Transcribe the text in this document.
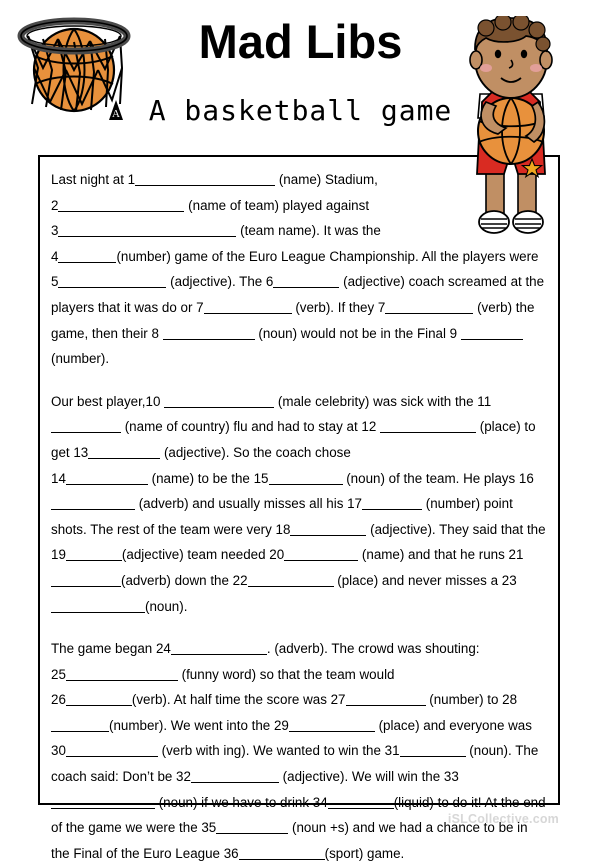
A
Mad Libs
A basketball game
Last night at 1	(name) Stadium,
2	(name of team) played against
3	(team name). It was the
4	(number) game of the Euro League Championship. All the players were 5	(adjective). The 6	(adjective) coach screamed at the players that it was do or 7	(verb). If they 7	(verb) the game, then their 8	(noun) would not be in the Final 9  (number).
Our best player,10	(male celebrity) was sick with the 11 (name of country) flu and had to stay at 12	(place) to get 13	(adjective). So the coach chose
14	(name) to be the 15	(noun) of the team. He plays 16 (adverb) and usually misses all his 17	(number) point shots. The rest of the team were very 18	(adjective). They said that the 19	(adjective) team needed 20	(name) and that he runs 21(adverb) down the 22	(place) and never misses a 23(noun).
The game began 24	. (adverb). The crowd was shouting:
25	(funny word) so that the team would
26	(verb). At half time the score was 27	(number) to 28(number). We went into the 29	(place) and everyone was 30	(verb with ing). We wanted to win the 31	(noun). The coach said: Don’t be 32	(adjective). We will win the 33 (noun) if we have to drink 34	(liquid) to do it! At the end of the game we were the 35	(noun +s) and we had a chance to be in the Final of the Euro League 36	(sport) game.
iSLCollective.com
